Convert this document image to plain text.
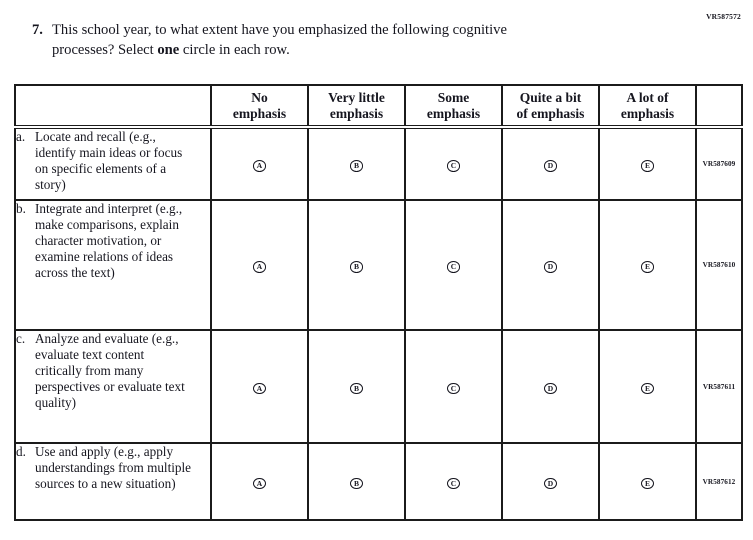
VR587572
7. This school year, to what extent have you emphasized the following cognitive
processes? Select one circle in each row.

	No
emphasis	Very little
emphasis	Some
emphasis	Quite a bit
of emphasis	A lot of
emphasis	

a. Locate and recall (e.g., identify main ideas or focus on specific elements of a story)	A	B	C	D	E	VR587609

b. Integrate and interpret (e.g., make comparisons, explain character motivation, or examine relations of ideas across the text)	A	B	C	D	E	VR587610

c. Analyze and evaluate (e.g., evaluate text content critically from many perspectives or evaluate text quality)	A	B	C	D	E	VR587611

d. Use and apply (e.g., apply understandings from multiple sources to a new situation)	A	B	C	D	E	VR587612
